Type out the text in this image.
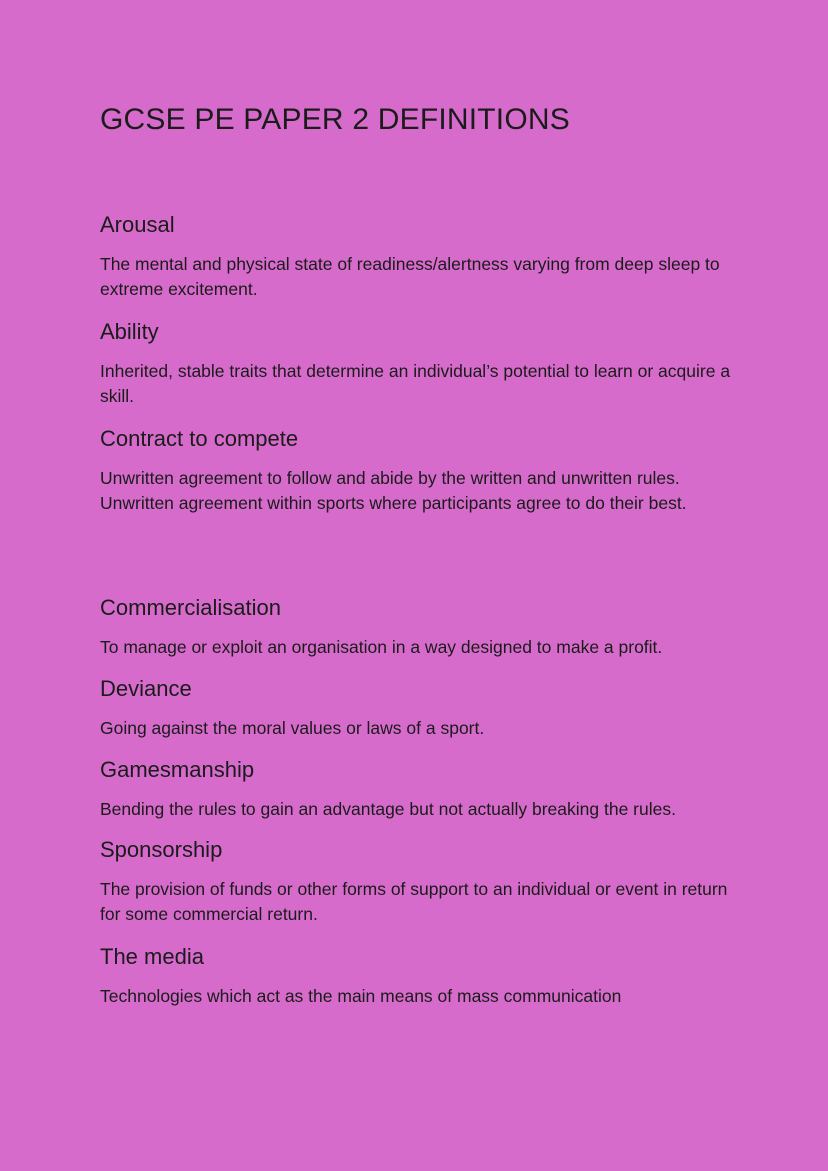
GCSE PE PAPER 2 DEFINITIONS
Arousal

The mental and physical state of readiness/alertness varying from deep sleep to extreme excitement.

Ability

Inherited, stable traits that determine an individual’s potential to learn or acquire a skill.

Contract to compete

Unwritten agreement to follow and abide by the written and unwritten rules. Unwritten agreement within sports where participants agree to do their best.

Commercialisation

To manage or exploit an organisation in a way designed to make a profit.

Deviance

Going against the moral values or laws of a sport.

Gamesmanship

Bending the rules to gain an advantage but not actually breaking the rules.

Sponsorship

The provision of funds or other forms of support to an individual or event in return for some commercial return.

The media

Technologies which act as the main means of mass communication
